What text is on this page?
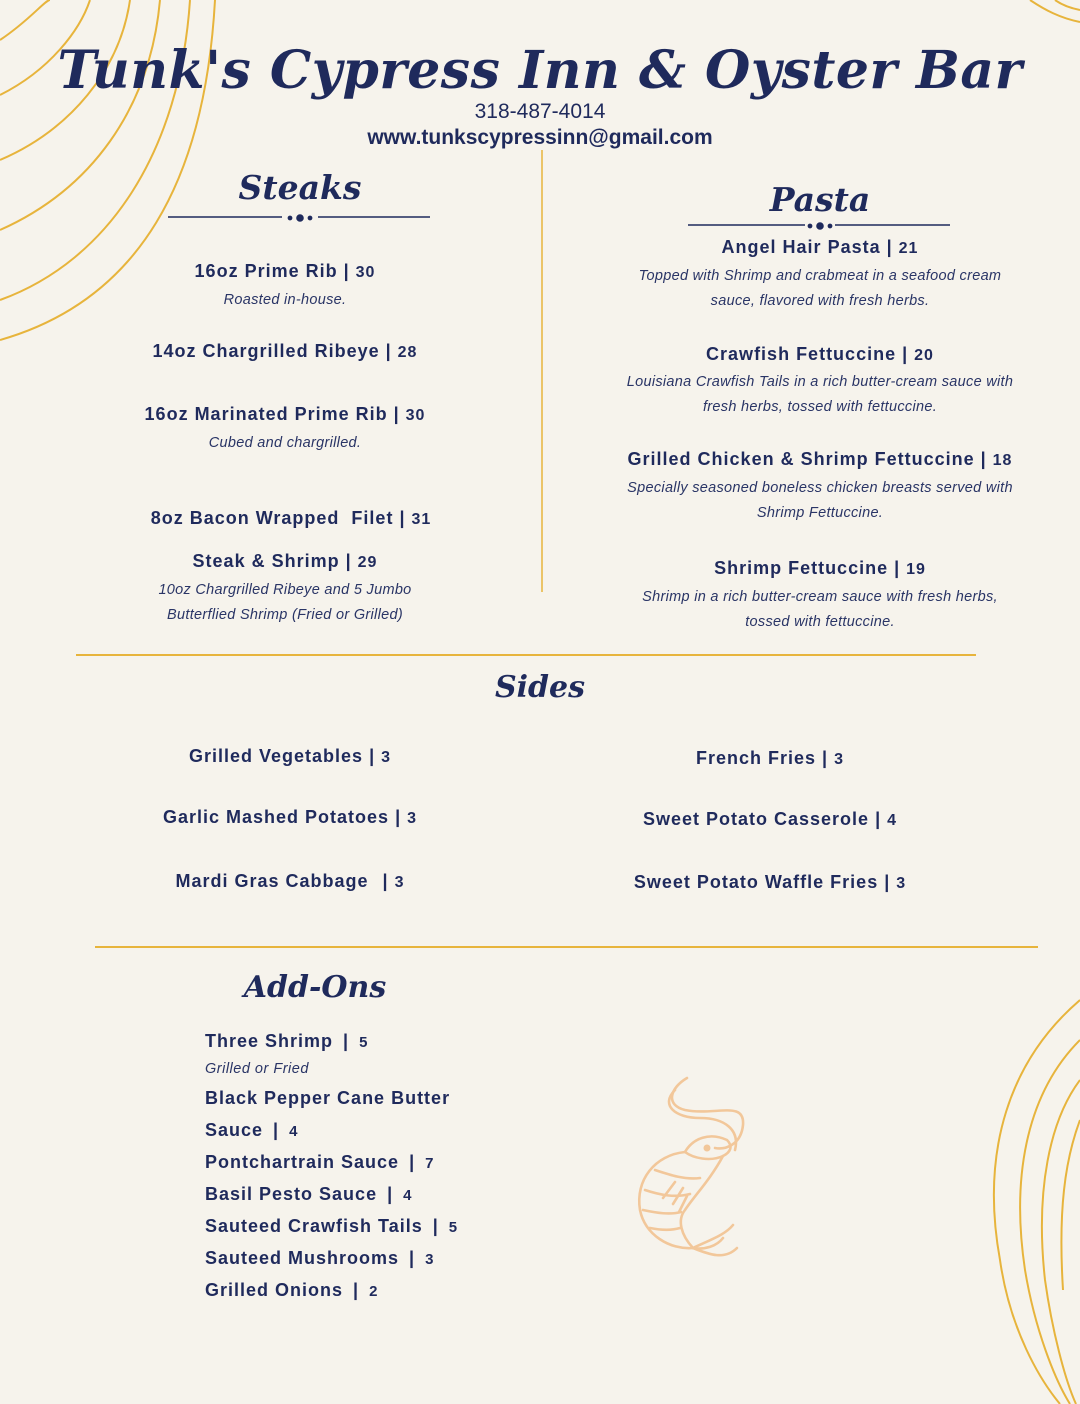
Tunk's Cypress Inn & Oyster Bar
318-487-4014
www.tunkscypressinn@gmail.com
Steaks
16oz Prime Rib | 30
Roasted in-house.
14oz Chargrilled Ribeye | 28
16oz Marinated Prime Rib | 30
Cubed and chargrilled.

8oz Bacon Wrapped  Filet | 31

Steak & Shrimp | 29
10oz Chargrilled Ribeye and 5 Jumbo
Butterflied Shrimp (Fried or Grilled)
Pasta
Angel Hair Pasta | 21
Topped with Shrimp and crabmeat in a seafood cream
sauce, flavored with fresh herbs.
Crawfish Fettuccine | 20
Louisiana Crawfish Tails in a rich butter-cream sauce with
fresh herbs, tossed with fettuccine.
Grilled Chicken & Shrimp Fettuccine | 18
Specially seasoned boneless chicken breasts served with
Shrimp Fettuccine.
Shrimp Fettuccine | 19
Shrimp in a rich butter-cream sauce with fresh herbs,
tossed with fettuccine.
Sides
Grilled Vegetables | 3
Garlic Mashed Potatoes | 3
Mardi Gras Cabbage | 3
French Fries | 3
Sweet Potato Casserole | 4
Sweet Potato Waffle Fries | 3
Add-Ons
Three Shrimp | 5
Grilled or Fried
Black Pepper Cane Butter
Sauce | 4
Pontchartrain Sauce | 7
Basil Pesto Sauce | 4
Sauteed Crawfish Tails | 5
Sauteed Mushrooms | 3
Grilled Onions | 2
